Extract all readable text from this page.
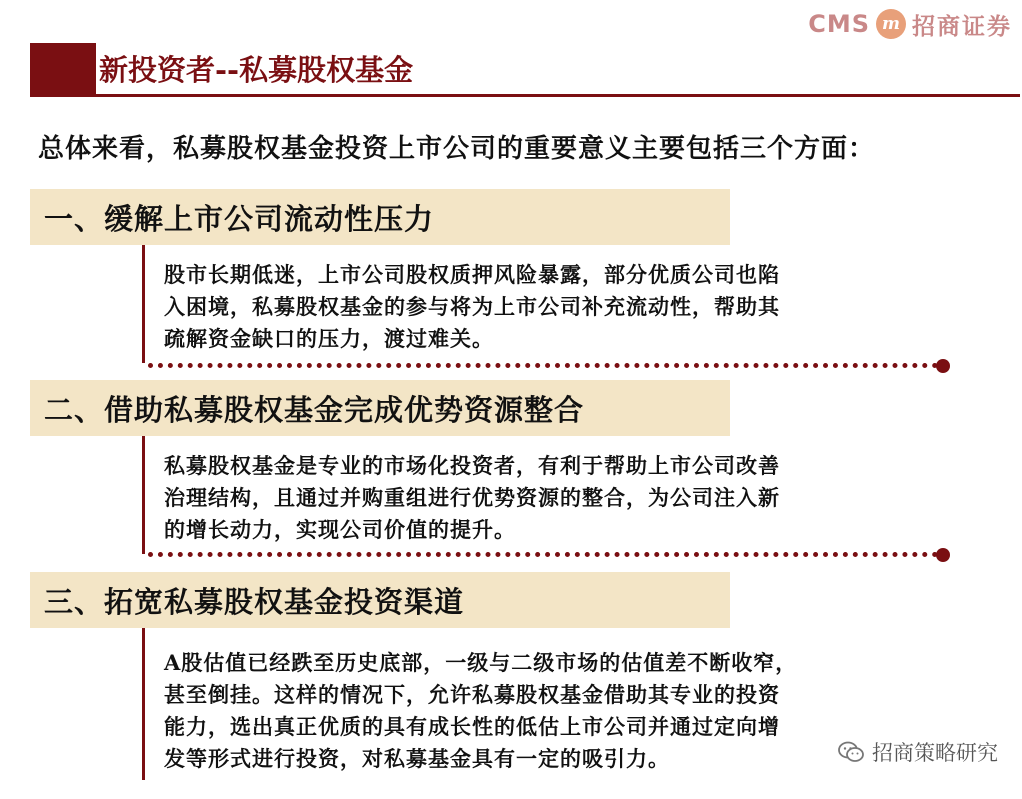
CMS m 招商证券
新投资者--私募股权基金
总体来看，私募股权基金投资上市公司的重要意义主要包括三个方面：
一、缓解上市公司流动性压力
股市长期低迷，上市公司股权质押风险暴露，部分优质公司也陷
入困境，私募股权基金的参与将为上市公司补充流动性，帮助其
疏解资金缺口的压力，渡过难关。
二、借助私募股权基金完成优势资源整合
私募股权基金是专业的市场化投资者，有利于帮助上市公司改善
治理结构，且通过并购重组进行优势资源的整合，为公司注入新
的增长动力，实现公司价值的提升。
三、拓宽私募股权基金投资渠道
A股估值已经跌至历史底部，一级与二级市场的估值差不断收窄，
甚至倒挂。这样的情况下，允许私募股权基金借助其专业的投资
能力，选出真正优质的具有成长性的低估上市公司并通过定向增
发等形式进行投资，对私募基金具有一定的吸引力。	招商策略研究
